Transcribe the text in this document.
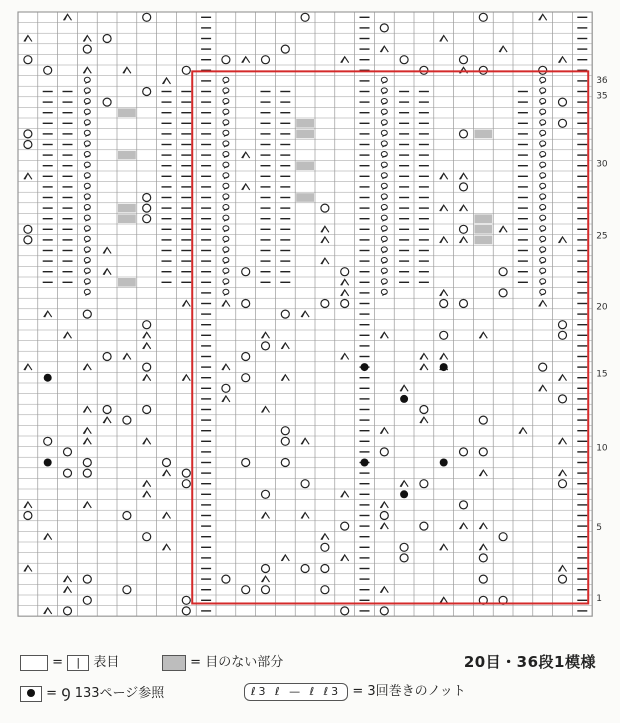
1
5
10
15
20
25
30
35
36
= | 表目	= 目のない部分	20目・36段1模様
= ꝯ 133ページ参照	ℓ3 ℓ — ℓ ℓ3 = 3回巻きのノット
